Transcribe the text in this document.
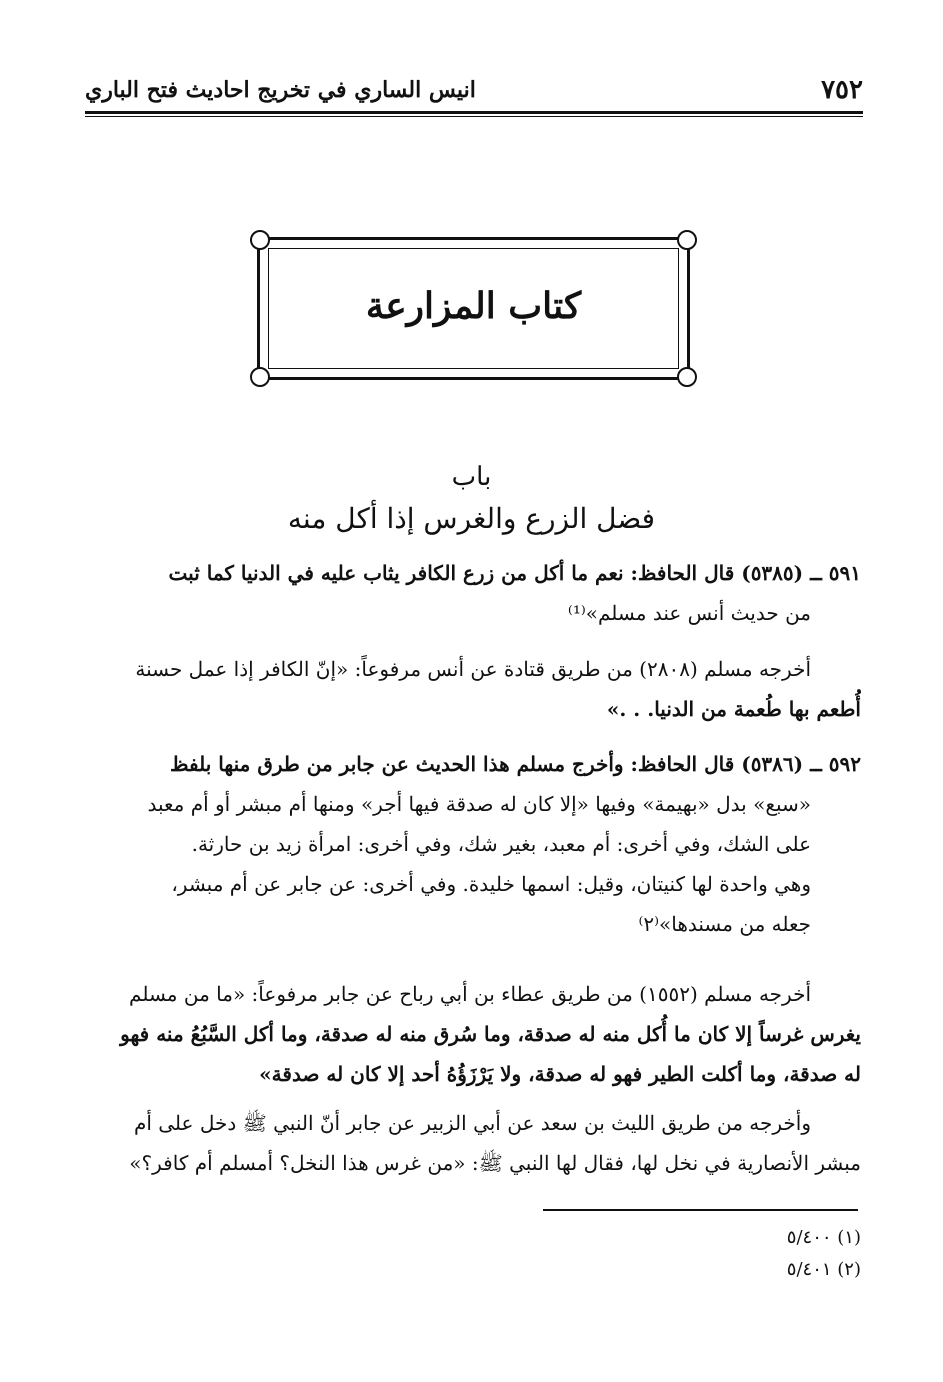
٧٥٢
انيس الساري في تخريج احاديث فتح الباري
كتاب المزارعة
باب
فضل الزرع والغرس إذا أكل منه
٥٩١ ــ (٥٣٨٥) قال الحافظ: نعم ما أكل من زرع الكافر يثاب عليه في الدنيا كما ثبت
من حديث أنس عند مسلم»⁽¹⁾
أخرجه مسلم (٢٨٠٨) من طريق قتادة عن أنس مرفوعاً: «إنّ الكافر إذا عمل حسنة
أُطعم بها طُعمة من الدنيا. . .»
٥٩٢ ــ (٥٣٨٦) قال الحافظ: وأخرج مسلم هذا الحديث عن جابر من طرق منها بلفظ
«سبع» بدل «بهيمة» وفيها «إلا كان له صدقة فيها أجر» ومنها أم مبشر أو أم معبد
على الشك، وفي أخرى: أم معبد، بغير شك، وفي أخرى: امرأة زيد بن حارثة.
وهي واحدة لها كنيتان، وقيل: اسمها خليدة. وفي أخرى: عن جابر عن أم مبشر،
جعله من مسندها»⁽٢⁾
أخرجه مسلم (١٥٥٢) من طريق عطاء بن أبي رباح عن جابر مرفوعاً: «ما من مسلم
يغرس غرساً إلا كان ما أُكل منه له صدقة، وما سُرق منه له صدقة، وما أكل السَّبُعُ منه فهو
له صدقة، وما أكلت الطير فهو له صدقة، ولا يَرْزَؤُهُ أحد إلا كان له صدقة»
وأخرجه من طريق الليث بن سعد عن أبي الزبير عن جابر أنّ النبي ﷺ دخل على أم
مبشر الأنصارية في نخل لها، فقال لها النبي ﷺ: «من غرس هذا النخل؟ أمسلم أم كافر؟»
(١) ٥/٤٠٠
(٢) ٥/٤٠١
